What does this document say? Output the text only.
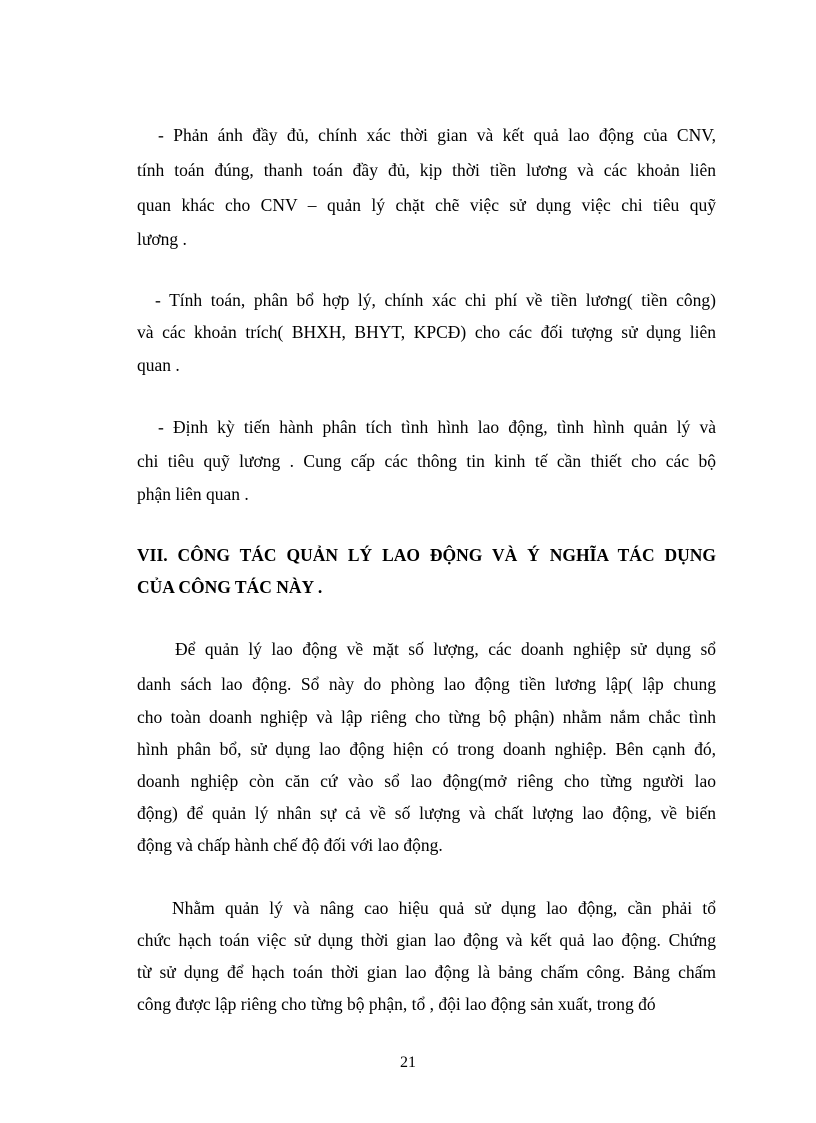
- Phản ánh đầy đủ, chính xác thời gian và kết quả lao động của CNV,
tính toán đúng, thanh toán đầy đủ, kịp thời tiền lương và các khoản liên
quan khác cho CNV – quản lý chặt chẽ việc sử dụng việc chi tiêu quỹ
lương .
- Tính toán, phân bổ hợp lý, chính xác chi phí về tiền lương( tiền công)
và các khoản trích( BHXH, BHYT, KPCĐ) cho các đối tượng sử dụng liên
quan .
- Định kỳ tiến hành phân tích tình hình lao động, tình hình quản lý và
chi tiêu quỹ lương . Cung cấp các thông tin kinh tế cần thiết cho các bộ
phận liên quan .
VII. CÔNG TÁC QUẢN LÝ LAO ĐỘNG VÀ Ý NGHĨA TÁC DỤNG
CỦA CÔNG TÁC NÀY .
Để quản lý lao động về mặt số lượng, các doanh nghiệp sử dụng sổ
danh sách lao động. Sổ này do phòng lao động tiền lương lập( lập chung
cho toàn doanh nghiệp và lập riêng cho từng bộ phận) nhằm nắm chắc tình
hình phân bổ, sử dụng lao động hiện có trong doanh nghiệp. Bên cạnh đó,
doanh nghiệp còn căn cứ vào sổ lao động(mở riêng cho từng người lao
động) để quản lý nhân sự cả về số lượng và chất lượng lao động, về biến
động và chấp hành chế độ đối với lao động.
Nhằm quản lý và nâng cao hiệu quả sử dụng lao động, cần phải tổ
chức hạch toán việc sử dụng thời gian lao động và kết quả lao động. Chứng
từ sử dụng để hạch toán thời gian lao động là bảng chấm công. Bảng chấm
công được lập riêng cho từng bộ phận, tổ , đội lao động sản xuất, trong đó
21
